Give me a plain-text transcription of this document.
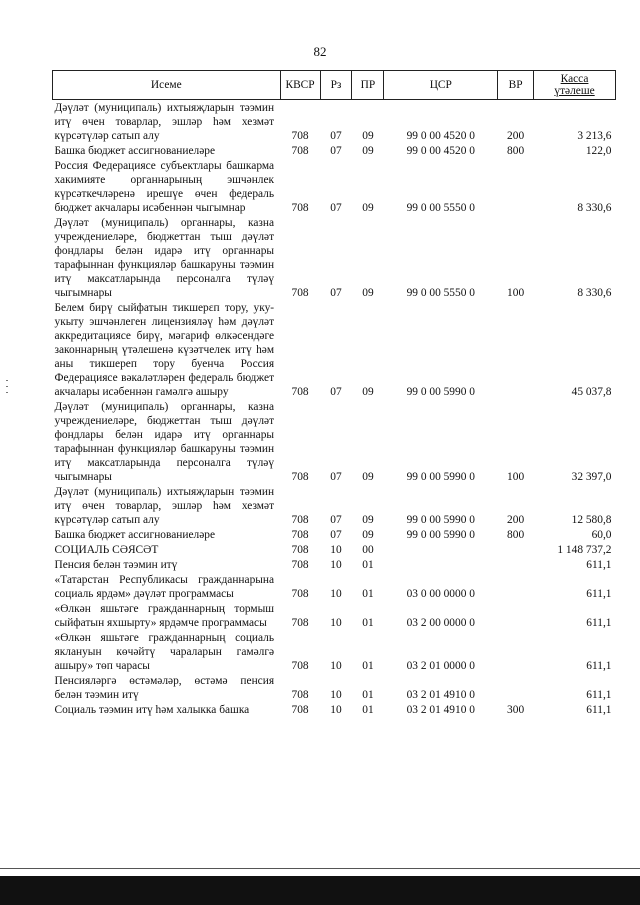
82
Исеме	КВСР	Рз	ПР	ЦСР	ВР	Касса
үтәлеше
Дәүләт (муниципаль) ихтыяҗларын тәэмин итү өчен товарлар, эшләр һәм хезмәт күрсәтүләр сатып алу	708	07	09	99 0 00 4520 0	200	3 213,6
Башка бюджет ассигнованиеләре	708	07	09	99 0 00 4520 0	800	122,0
Россия Федерациясе субъектлары башкарма хакимияте органнарының эшчәнлек күрсәткечләренә ирешүе өчен федераль бюджет акчалары исәбеннән чыгымнар	708	07	09	99 0 00 5550 0		8 330,6
Дәүләт (муниципаль) органнары, казна учреждениеләре, бюджеттан тыш дәүләт фондлары белән идарә итү органнары тарафыннан функцияләр башкаруны тәэмин итү максатларында персоналга түләү чыгымнары	708	07	09	99 0 00 5550 0	100	8 330,6
Белем бирү сыйфатын тикшерεп тору, уку-укыту эшчәнлеген лицензияләү һәм дәүләт аккредитациясе бирү, мәгариф өлкәсендәге законнарның үтәлешенә күзәтчелек итү һәм аны тикшереп тору буенча Россия Федерациясе вәкаләтләрен федераль бюджет акчалары исәбеннән гамәлгә ашыру	708	07	09	99 0 00 5990 0		45 037,8
Дәүләт (муниципаль) органнары, казна учреждениеләре, бюджеттан тыш дәүләт фондлары белән идарә итү органнары тарафыннан функцияләр башкаруны тәэмин итү максатларында персоналга түләү чыгымнары	708	07	09	99 0 00 5990 0	100	32 397,0
Дәүләт (муниципаль) ихтыяҗларын тәэмин итү өчен товарлар, эшләр һәм хезмәт күрсәтүләр сатып алу	708	07	09	99 0 00 5990 0	200	12 580,8
Башка бюджет ассигнованиеләре	708	07	09	99 0 00 5990 0	800	60,0
СОЦИАЛЬ СӘЯСӘТ	708	10	00			1 148 737,2
Пенсия белән тәэмин итү	708	10	01			611,1
«Татарстан Республикасы гражданнарына социаль ярдәм» дәүләт программасы	708	10	01	03 0 00 0000 0		611,1
«Өлкән яшьтәге гражданнарның тормыш сыйфатын яхшырту» ярдәмче программасы	708	10	01	03 2 00 0000 0		611,1
«Өлкән яшьтәге гражданнарның социаль яклануын көчәйтү чараларын гамәлгә ашыру» төп чарасы	708	10	01	03 2 01 0000 0		611,1
Пенсияләргә өстәмәләр, өстәмә пенсия белән тәэмин итү	708	10	01	03 2 01 4910 0		611,1
Социаль тәэмин итү һәм халыкка башка	708	10	01	03 2 01 4910 0	300	611,1
